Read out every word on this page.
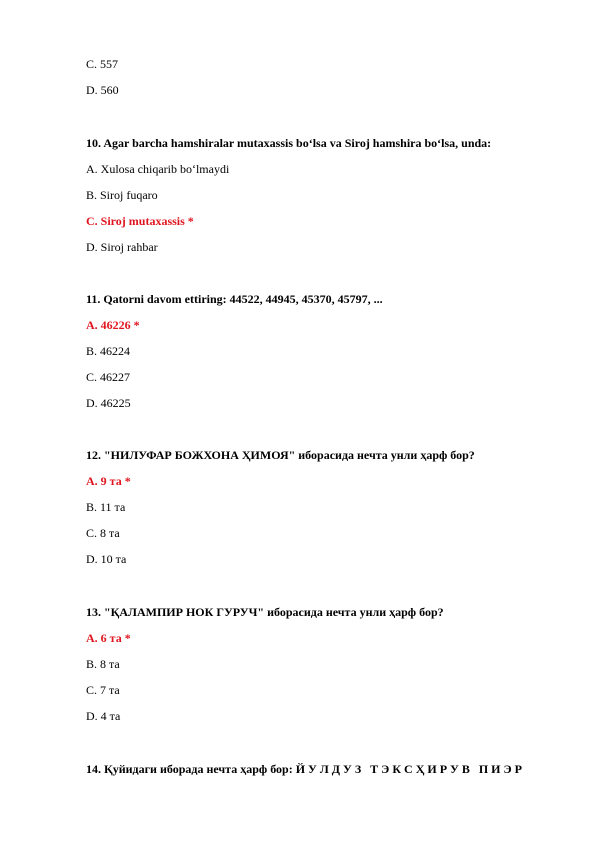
C. 557
D. 560
10. Agar barcha hamshiralar mutaxassis bo‘lsa va Siroj hamshira bo‘lsa, unda:
A. Xulosa chiqarib bo‘lmaydi
B. Siroj fuqaro
C. Siroj mutaxassis *
D. Siroj rahbar
11. Qatorni davom ettiring: 44522, 44945, 45370, 45797, ...
A. 46226 *
B. 46224
C. 46227
D. 46225
12. "НИЛУФАР БОЖХОНА ҲИМОЯ" иборасида нечта унли ҳарф бор?
A. 9 та *
B. 11 та
C. 8 та
D. 10 та
13. "ҚАЛАМПИР НОК ГУРУЧ" иборасида нечта унли ҳарф бор?
A. 6 та *
B. 8 та
C. 7 та
D. 4 та
14. Қуйидаги иборада нечта ҳарф бор: Й У Л Д У З   Т Э К С Ҳ И Р У В   П И Э Р
